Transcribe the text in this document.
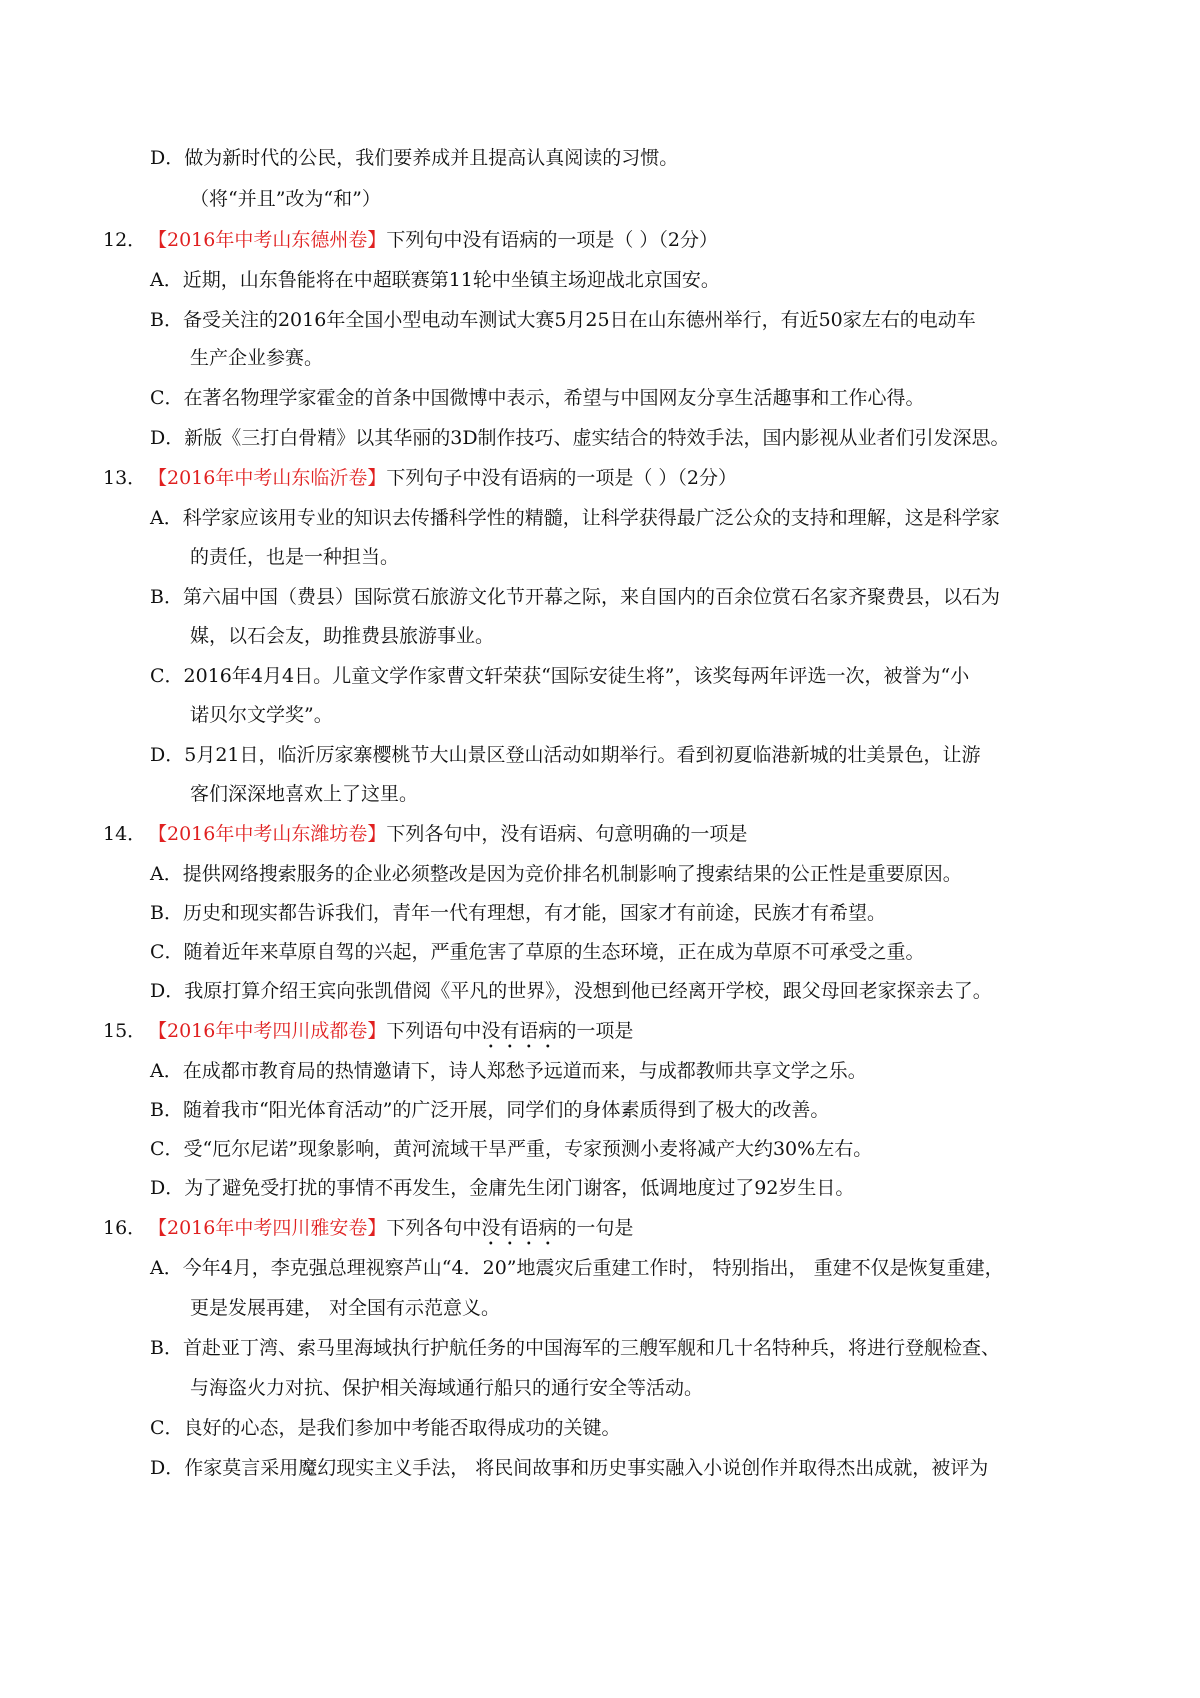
D．做为新时代的公民，我们要养成并且提高认真阅读的习惯。
（将“并且”改为“和”）
12． 【2016年中考山东德州卷】下列句中没有语病的一项是（ ）（2分）
A．近期，山东鲁能将在中超联赛第11轮中坐镇主场迎战北京国安。
B．备受关注的2016年全国小型电动车测试大赛5月25日在山东德州举行，有近50家左右的电动车
生产企业参赛。
C．在著名物理学家霍金的首条中国微博中表示，希望与中国网友分享生活趣事和工作心得。
D．新版《三打白骨精》以其华丽的3D制作技巧、虚实结合的特效手法，国内影视从业者们引发深思。
13． 【2016年中考山东临沂卷】下列句子中没有语病的一项是（ ）（2分）
A．科学家应该用专业的知识去传播科学性的精髓，让科学获得最广泛公众的支持和理解，这是科学家
的责任，也是一种担当。
B．第六届中国（费县）国际赏石旅游文化节开幕之际，来自国内的百余位赏石名家齐聚费县，以石为
媒，以石会友，助推费县旅游事业。
C．2016年4月4日。儿童文学作家曹文轩荣获“国际安徒生将”，该奖每两年评选一次，被誉为“小
诺贝尔文学奖”。
D．5月21日，临沂厉家寨樱桃节大山景区登山活动如期举行。看到初夏临港新城的壮美景色，让游
客们深深地喜欢上了这里。
14． 【2016年中考山东潍坊卷】下列各句中，没有语病、句意明确的一项是
A．提供网络搜索服务的企业必须整改是因为竞价排名机制影响了搜索结果的公正性是重要原因。
B．历史和现实都告诉我们，青年一代有理想，有才能，国家才有前途，民族才有希望。
C．随着近年来草原自驾的兴起，严重危害了草原的生态环境，正在成为草原不可承受之重。
D．我原打算介绍王宾向张凯借阅《平凡的世界》，没想到他已经离开学校，跟父母回老家探亲去了。
15． 【2016年中考四川成都卷】下列语句中没有语病的一项是
A．在成都市教育局的热情邀请下，诗人郑愁予远道而来，与成都教师共享文学之乐。
B．随着我市“阳光体育活动”的广泛开展，同学们的身体素质得到了极大的改善。
C．受“厄尔尼诺”现象影响，黄河流域干旱严重，专家预测小麦将减产大约30%左右。
D．为了避免受打扰的事情不再发生，金庸先生闭门谢客，低调地度过了92岁生日。
16． 【2016年中考四川雅安卷】下列各句中没有语病的一句是
A．今年4月，李克强总理视察芦山“4．20”地震灾后重建工作时， 特别指出， 重建不仅是恢复重建，
更是发展再建， 对全国有示范意义。
B．首赴亚丁湾、索马里海域执行护航任务的中国海军的三艘军舰和几十名特种兵，将进行登舰检查、
与海盗火力对抗、保护相关海域通行船只的通行安全等活动。
C．良好的心态，是我们参加中考能否取得成功的关键。
D．作家莫言采用魔幻现实主义手法， 将民间故事和历史事实融入小说创作并取得杰出成就，被评为
